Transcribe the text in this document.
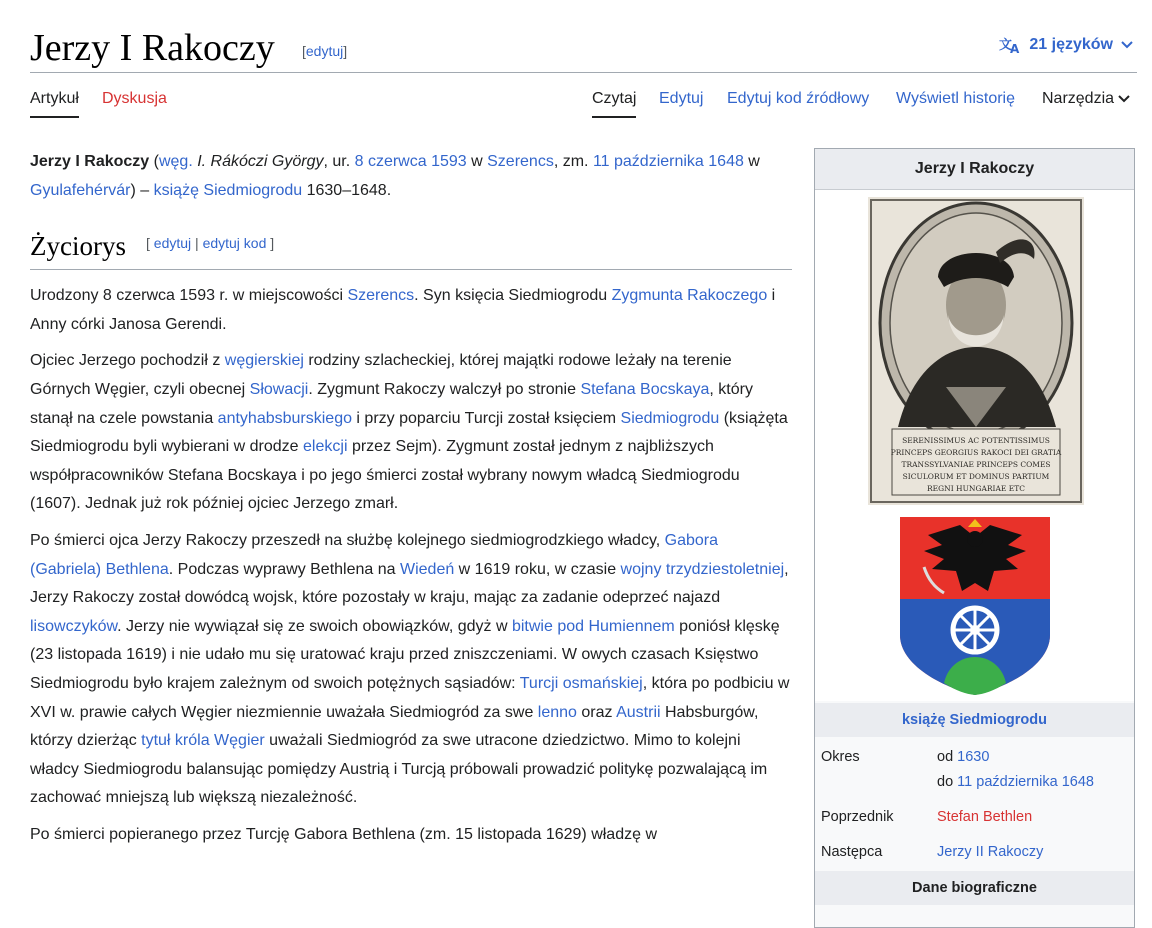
Jerzy I Rakoczy [edytuj]	文
A 21 języków
Artykuł Dyskusja	Czytaj Edytuj Edytuj kod źródłowy Wyświetl historię Narzędzia

Jerzy I Rakoczy (węg. I. Rákóczi György, ur. 8 czerwca 1593 w Szerencs, zm. 11 października 1648 w Gyulafehérvár) – książę Siedmiogrodu 1630–1648.

Życiorys [ edytuj | edytuj kod ]

Urodzony 8 czerwca 1593 r. w miejscowości Szerencs. Syn księcia Siedmiogrodu Zygmunta Rakoczego i Anny córki Janosa Gerendi.

Ojciec Jerzego pochodził z węgierskiej rodziny szlacheckiej, której majątki rodowe leżały na terenie Górnych Węgier, czyli obecnej Słowacji. Zygmunt Rakoczy walczył po stronie Stefana Bocskaya, który stanął na czele powstania antyhabsburskiego i przy poparciu Turcji został księciem Siedmiogrodu (książęta Siedmiogrodu byli wybierani w drodze elekcji przez Sejm). Zygmunt został jednym z najbliższych współpracowników Stefana Bocskaya i po jego śmierci został wybrany nowym władcą Siedmiogrodu (1607). Jednak już rok później ojciec Jerzego zmarł.

Po śmierci ojca Jerzy Rakoczy przeszedł na służbę kolejnego siedmiogrodzkiego władcy, Gabora (Gabriela) Bethlena. Podczas wyprawy Bethlena na Wiedeń w 1619 roku, w czasie wojny trzydziestoletniej, Jerzy Rakoczy został dowódcą wojsk, które pozostały w kraju, mając za zadanie odeprzeć najazd lisowczyków. Jerzy nie wywiązał się ze swoich obowiązków, gdyż w bitwie pod Humiennem poniósł klęskę (23 listopada 1619) i nie udało mu się uratować kraju przed zniszczeniami. W owych czasach Księstwo Siedmiogrodu było krajem zależnym od swoich potężnych sąsiadów: Turcji osmańskiej, która po podbiciu w XVI w. prawie całych Węgier niezmiennie uważała Siedmiogród za swe lenno oraz Austrii Habsburgów, którzy dzierżąc tytuł króla Węgier uważali Siedmiogród za swe utracone dziedzictwo. Mimo to kolejni władcy Siedmiogrodu balansując pomiędzy Austrią i Turcją próbowali prowadzić politykę pozwalającą im zachować mniejszą lub większą niezależność.

Po śmierci popieranego przez Turcję Gabora Bethlena (zm. 15 listopada 1629) władzę w

Jerzy I Rakoczy
SERENISSIMUS AC POTENTISSIMUS
PRINCEPS GEORGIUS RAKOCI DEI GRATIA
TRANSSYLVANIAE PRINCEPS COMES
SICULORUM ET DOMINUS PARTIUM
REGNI HUNGARIAE ETC
książę Siedmiogrodu
Okres	od 1630
do 11 października 1648
Poprzednik	Stefan Bethlen
Następca	Jerzy II Rakoczy
Dane biograficzne
